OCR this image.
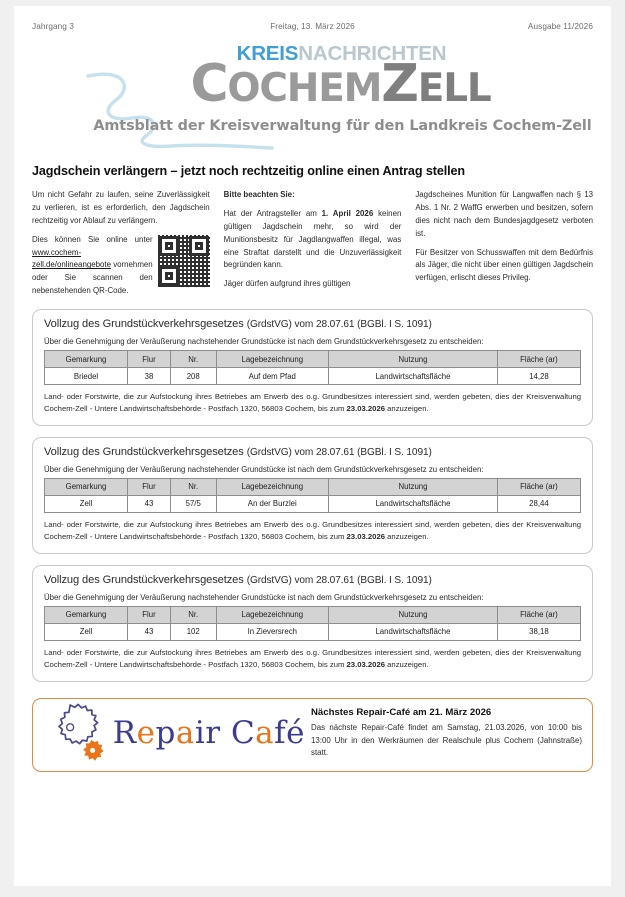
Jahrgang 3	Freitag, 13. März 2026	Ausgabe 11/2026
KREISNACHRICHTEN
COCHEMZELL
Amtsblatt der Kreisverwaltung für den Landkreis Cochem-Zell
Jagdschein verlängern – jetzt noch rechtzeitig online einen Antrag stellen

Um nicht Gefahr zu laufen, seine Zuverlässigkeit zu verlieren, ist es erforderlich, den Jagdschein rechtzeitig vor Ablauf zu verlängern.

Dies können Sie online unter www.cochem-zell.de/onlineangebote vornehmen oder Sie scannen den nebenstehenden QR-Code.

Bitte beachten Sie:

Hat der Antragsteller am 1. April 2026 keinen gültigen Jagdschein mehr, so wird der Munitionsbesitz für Jagdlangwaffen illegal, was eine Straftat darstellt und die Unzuverlässigkeit begründen kann.

Jäger dürfen aufgrund ihres gültigen

Jagdscheines Munition für Langwaffen nach § 13 Abs. 1 Nr. 2 WaffG erwerben und besitzen, sofern dies nicht nach dem Bundesjagdgesetz verboten ist.

Für Besitzer von Schusswaffen mit dem Bedürfnis als Jäger, die nicht über einen gültigen Jagdschein verfügen, erlischt dieses Privileg.

Vollzug des Grundstückverkehrsgesetzes (GrdstVG) vom 28.07.61 (BGBl. I S. 1091)
Über die Genehmigung der Veräußerung nachstehender Grundstücke ist nach dem Grundstückverkehrsgesetz zu entscheiden:
Gemarkung	Flur	Nr.	Lagebezeichnung	Nutzung	Fläche (ar)
Briedel	38	208	Auf dem Pfad	Landwirtschaftsfläche	14,28
Land- oder Forstwirte, die zur Aufstockung ihres Betriebes am Erwerb des o.g. Grundbesitzes interessiert sind, werden gebeten, dies der Kreisverwaltung Cochem-Zell - Untere Landwirtschaftsbehörde - Postfach 1320, 56803 Cochem, bis zum 23.03.2026 anzuzeigen.
Vollzug des Grundstückverkehrsgesetzes (GrdstVG) vom 28.07.61 (BGBl. I S. 1091)
Über die Genehmigung der Veräußerung nachstehender Grundstücke ist nach dem Grundstückverkehrsgesetz zu entscheiden:
Gemarkung	Flur	Nr.	Lagebezeichnung	Nutzung	Fläche (ar)
Zell	43	57/5	An der Burzlei	Landwirtschaftsfläche	28,44
Land- oder Forstwirte, die zur Aufstockung ihres Betriebes am Erwerb des o.g. Grundbesitzes interessiert sind, werden gebeten, dies der Kreisverwaltung Cochem-Zell - Untere Landwirtschaftsbehörde - Postfach 1320, 56803 Cochem, bis zum 23.03.2026 anzuzeigen.
Vollzug des Grundstückverkehrsgesetzes (GrdstVG) vom 28.07.61 (BGBl. I S. 1091)
Über die Genehmigung der Veräußerung nachstehender Grundstücke ist nach dem Grundstückverkehrsgesetz zu entscheiden:
Gemarkung	Flur	Nr.	Lagebezeichnung	Nutzung	Fläche (ar)
Zell	43	102	In Zieversrech	Landwirtschaftsfläche	38,18
Land- oder Forstwirte, die zur Aufstockung ihres Betriebes am Erwerb des o.g. Grundbesitzes interessiert sind, werden gebeten, dies der Kreisverwaltung Cochem-Zell - Untere Landwirtschaftsbehörde - Postfach 1320, 56803 Cochem, bis zum 23.03.2026 anzuzeigen.
Repair Café
Nächstes Repair-Café am 21. März 2026

Das nächste Repair-Café findet am Samstag, 21.03.2026, von 10:00 bis 13:00 Uhr in den Werkräumen der Realschule plus Cochem (Jahnstraße) statt.
